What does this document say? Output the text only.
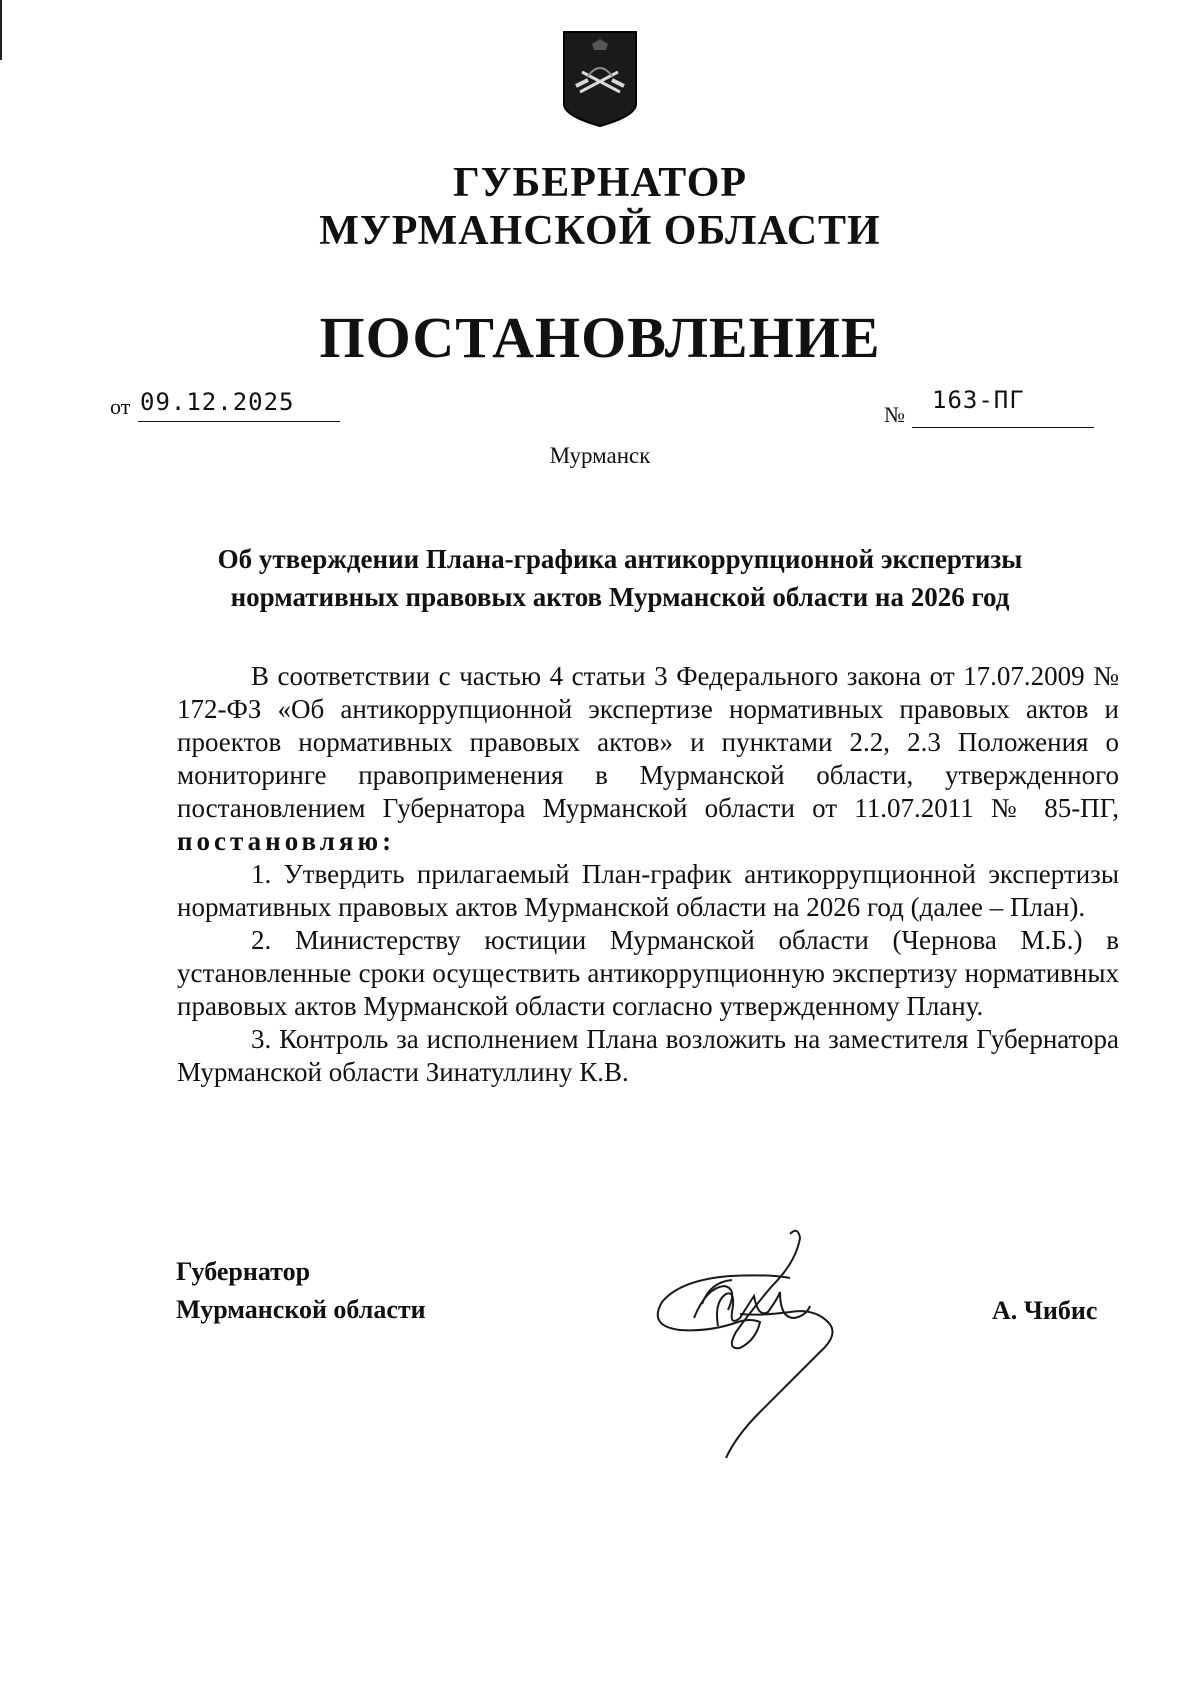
ГУБЕРНАТОР
МУРМАНСКОЙ ОБЛАСТИ
ПОСТАНОВЛЕНИЕ
от 09.12.2025	№
163-ПГ

Мурманск

Об утверждении Плана-графика антикоррупционной экспертизы
нормативных правовых актов Мурманской области на 2026 год

В соответствии с частью 4 статьи 3 Федерального закона от 17.07.2009 № 172-ФЗ «Об антикоррупционной экспертизе нормативных правовых актов и проектов нормативных правовых актов» и пунктами 2.2, 2.3 Положения о мониторинге правоприменения в Мурманской области, утвержденного постановлением Губернатора Мурманской области от 11.07.2011 № 85-ПГ, постановляю:

1. Утвердить прилагаемый План-график антикоррупционной экспертизы нормативных правовых актов Мурманской области на 2026 год (далее – План).

2. Министерству юстиции Мурманской области (Чернова М.Б.) в установленные сроки осуществить антикоррупционную экспертизу нормативных правовых актов Мурманской области согласно утвержденному Плану.

3. Контроль за исполнением Плана возложить на заместителя Губернатора Мурманской области Зинатуллину К.В.

Губернатор
Мурманской области	А. Чибис
